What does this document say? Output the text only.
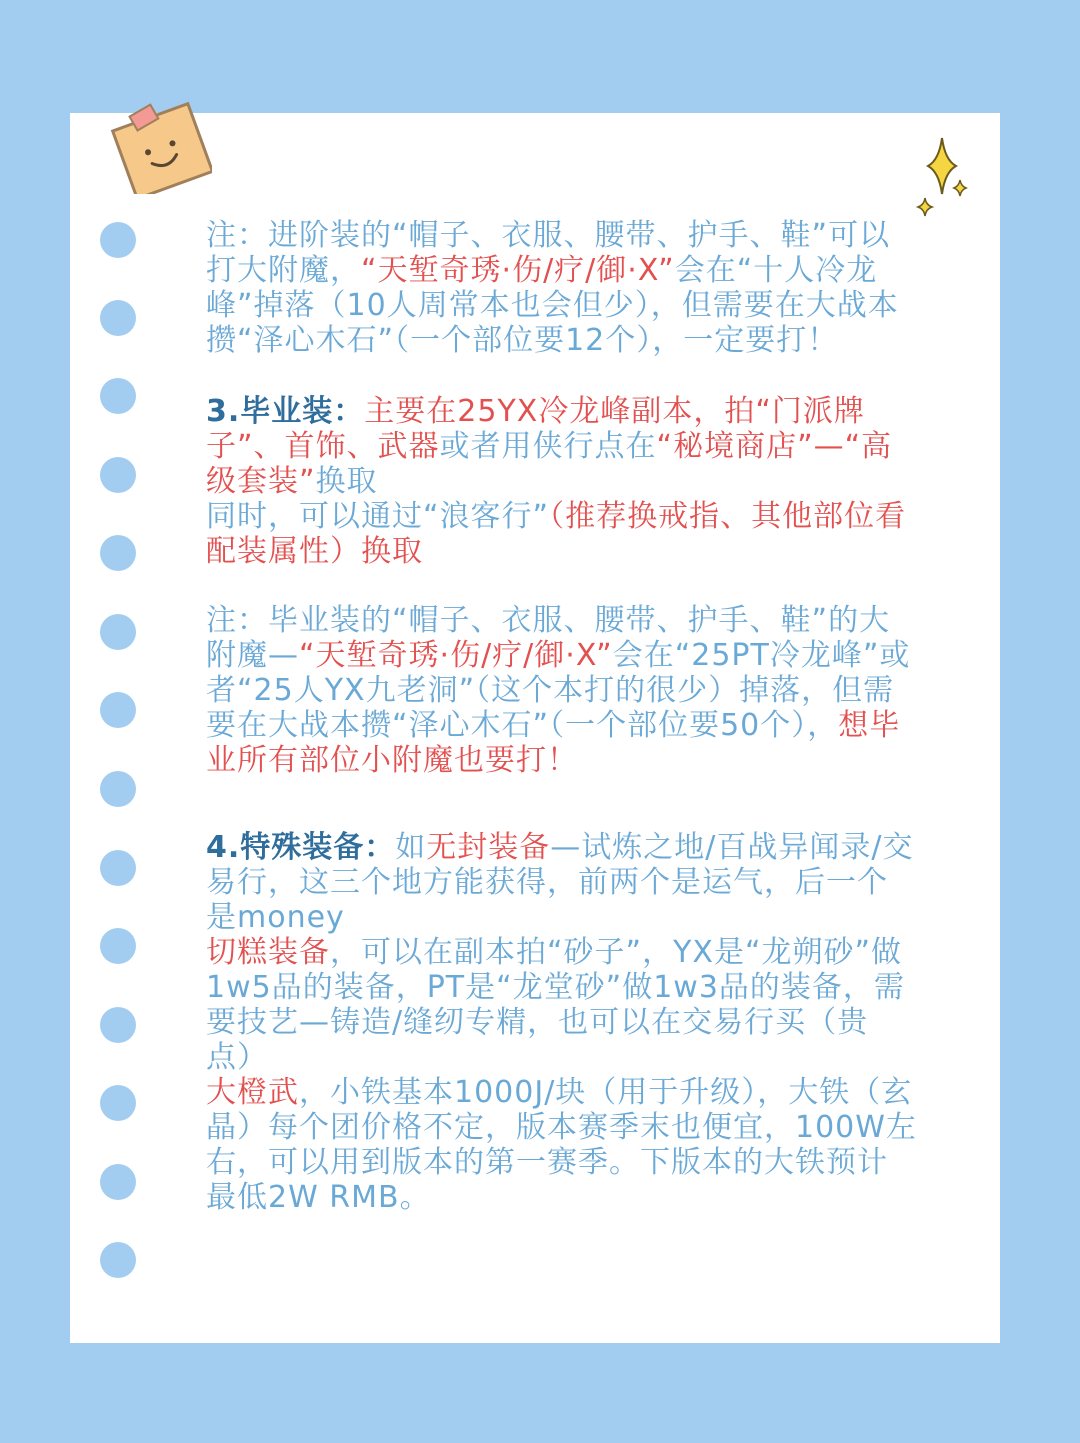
注：进阶装的“帽子、衣服、腰带、护手、鞋”可以打大附魔，“天堑奇琇·伤/疗/御·X”会在“十人冷龙峰”掉落（10人周常本也会但少），但需要在大战本攒“泽心木石”（一个部位要12个），一定要打！

3.毕业装：主要在25YX冷龙峰副本，拍“门派牌子”、首饰、武器或者用侠行点在“秘境商店”—“高级套装”换取
同时，可以通过“浪客行”（推荐换戒指、其他部位看配装属性）换取

注：毕业装的“帽子、衣服、腰带、护手、鞋”的大附魔—“天堑奇琇·伤/疗/御·X”会在“25PT冷龙峰”或者“25人YX九老洞”（这个本打的很少）掉落，但需要在大战本攒“泽心木石”（一个部位要50个），想毕业所有部位小附魔也要打！

4.特殊装备：如无封装备—试炼之地/百战异闻录/交易行，这三个地方能获得，前两个是运气，后一个是money
切糕装备，可以在副本拍“砂子”，YX是“龙朔砂”做1w5品的装备，PT是“龙堂砂”做1w3品的装备，需要技艺—铸造/缝纫专精，也可以在交易行买（贵点）
大橙武，小铁基本1000J/块（用于升级），大铁（玄晶）每个团价格不定，版本赛季末也便宜，100W左右，可以用到版本的第一赛季。下版本的大铁预计最低2W RMB。
